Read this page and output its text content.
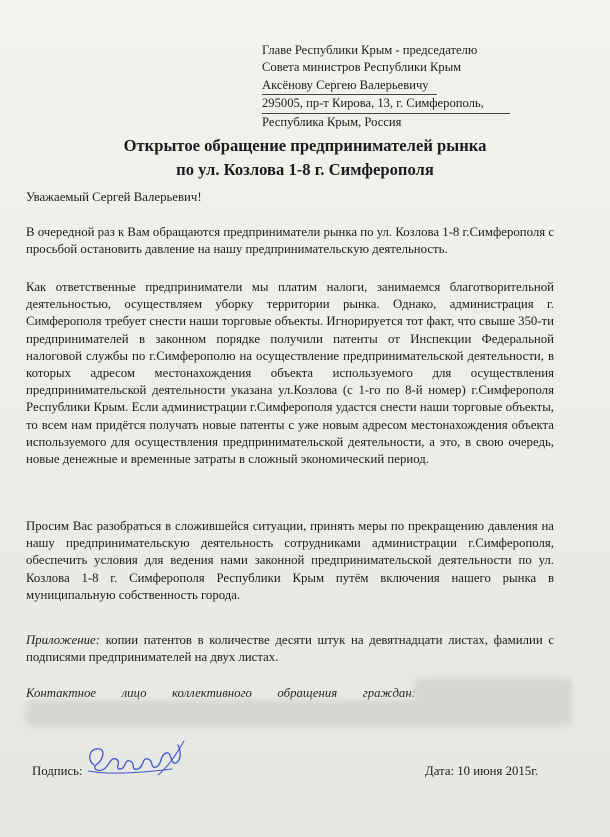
Главе Республики Крым - председателю
Совета министров Республики Крым
Аксёнову Сергею Валерьевичу
295005, пр-т Кирова, 13, г. Симферополь,
Республика Крым, Россия
Открытое обращение предпринимателей рынка
по ул. Козлова 1-8 г. Симферополя
Уважаемый Сергей Валерьевич!

В очередной раз к Вам обращаются предприниматели рынка по ул. Козлова 1-8 г.Симферополя с просьбой остановить давление на нашу предпринимательскую деятельность.

Как ответственные предприниматели мы платим налоги, занимаемся благотворительной деятельностью, осуществляем уборку территории рынка. Однако, администрация г. Симферополя требует снести наши торговые объекты. Игнорируется тот факт, что свыше 350-ти предпринимателей в законном порядке получили патенты от Инспекции Федеральной налоговой службы по г.Симферополю на осуществление предпринимательской деятельности, в которых адресом местонахождения объекта используемого для осуществления предпринимательской деятельности указана ул.Козлова (с 1-го по 8-й номер) г.Симферополя Республики Крым. Если администрации г.Симферополя удастся снести наши торговые объекты, то всем нам придётся получать новые патенты с уже новым адресом местонахождения объекта используемого для осуществления предпринимательской деятельности, а это, в свою очередь, новые денежные и временные затраты в сложный экономический период.

Просим Вас разобраться в сложившейся ситуации, принять меры по прекращению давления на нашу предпринимательскую деятельность сотрудниками администрации г.Симферополя, обеспечить условия для ведения нами законной предпринимательской деятельности по ул. Козлова 1-8 г. Симферополя Республики Крым путём включения нашего рынка в муниципальную собственность города.

Приложение: копии патентов в количестве десяти штук на девятнадцати листах, фамилии с подписями предпринимателей на двух листах.

Контактное лицо коллективного обращения граждан:
Подпись:	Дата: 10 июня 2015г.
